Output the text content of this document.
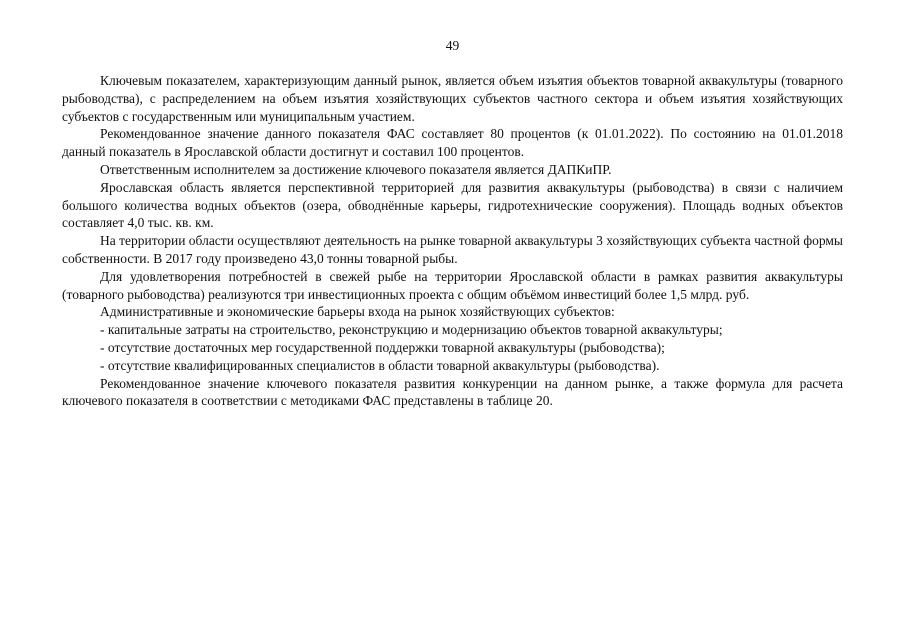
49

Ключевым показателем, характеризующим данный рынок, является объем изъятия объектов товарной аквакультуры (товарного рыбоводства), с распределением на объем изъятия хозяйствующих субъектов частного сектора и объем изъятия хозяйствующих субъектов с государственным или муниципальным участием.

Рекомендованное значение данного показателя ФАС составляет 80 процентов (к 01.01.2022). По состоянию на 01.01.2018 данный показатель в Ярославской области достигнут и составил 100 процентов.

Ответственным исполнителем за достижение ключевого показателя является ДАПКиПР.

Ярославская область является перспективной территорией для развития аквакультуры (рыбоводства) в связи с наличием большого количества водных объектов (озера, обводнённые карьеры, гидротехнические сооружения). Площадь водных объектов составляет 4,0 тыс. кв. км.

На территории области осуществляют деятельность на рынке товарной аквакультуры 3 хозяйствующих субъекта частной формы собственности. В 2017 году произведено 43,0 тонны товарной рыбы.

Для удовлетворения потребностей в свежей рыбе на территории Ярославской области в рамках развития аквакультуры (товарного рыбоводства) реализуются три инвестиционных проекта с общим объёмом инвестиций более 1,5 млрд. руб.

Административные и экономические барьеры входа на рынок хозяйствующих субъектов:

- капитальные затраты на строительство, реконструкцию и модернизацию объектов товарной аквакультуры;

- отсутствие достаточных мер государственной поддержки товарной аквакультуры (рыбоводства);

- отсутствие квалифицированных специалистов в области товарной аквакультуры (рыбоводства).

Рекомендованное значение ключевого показателя развития конкуренции на данном рынке, а также формула для расчета ключевого показателя в соответствии с методиками ФАС представлены в таблице 20.
